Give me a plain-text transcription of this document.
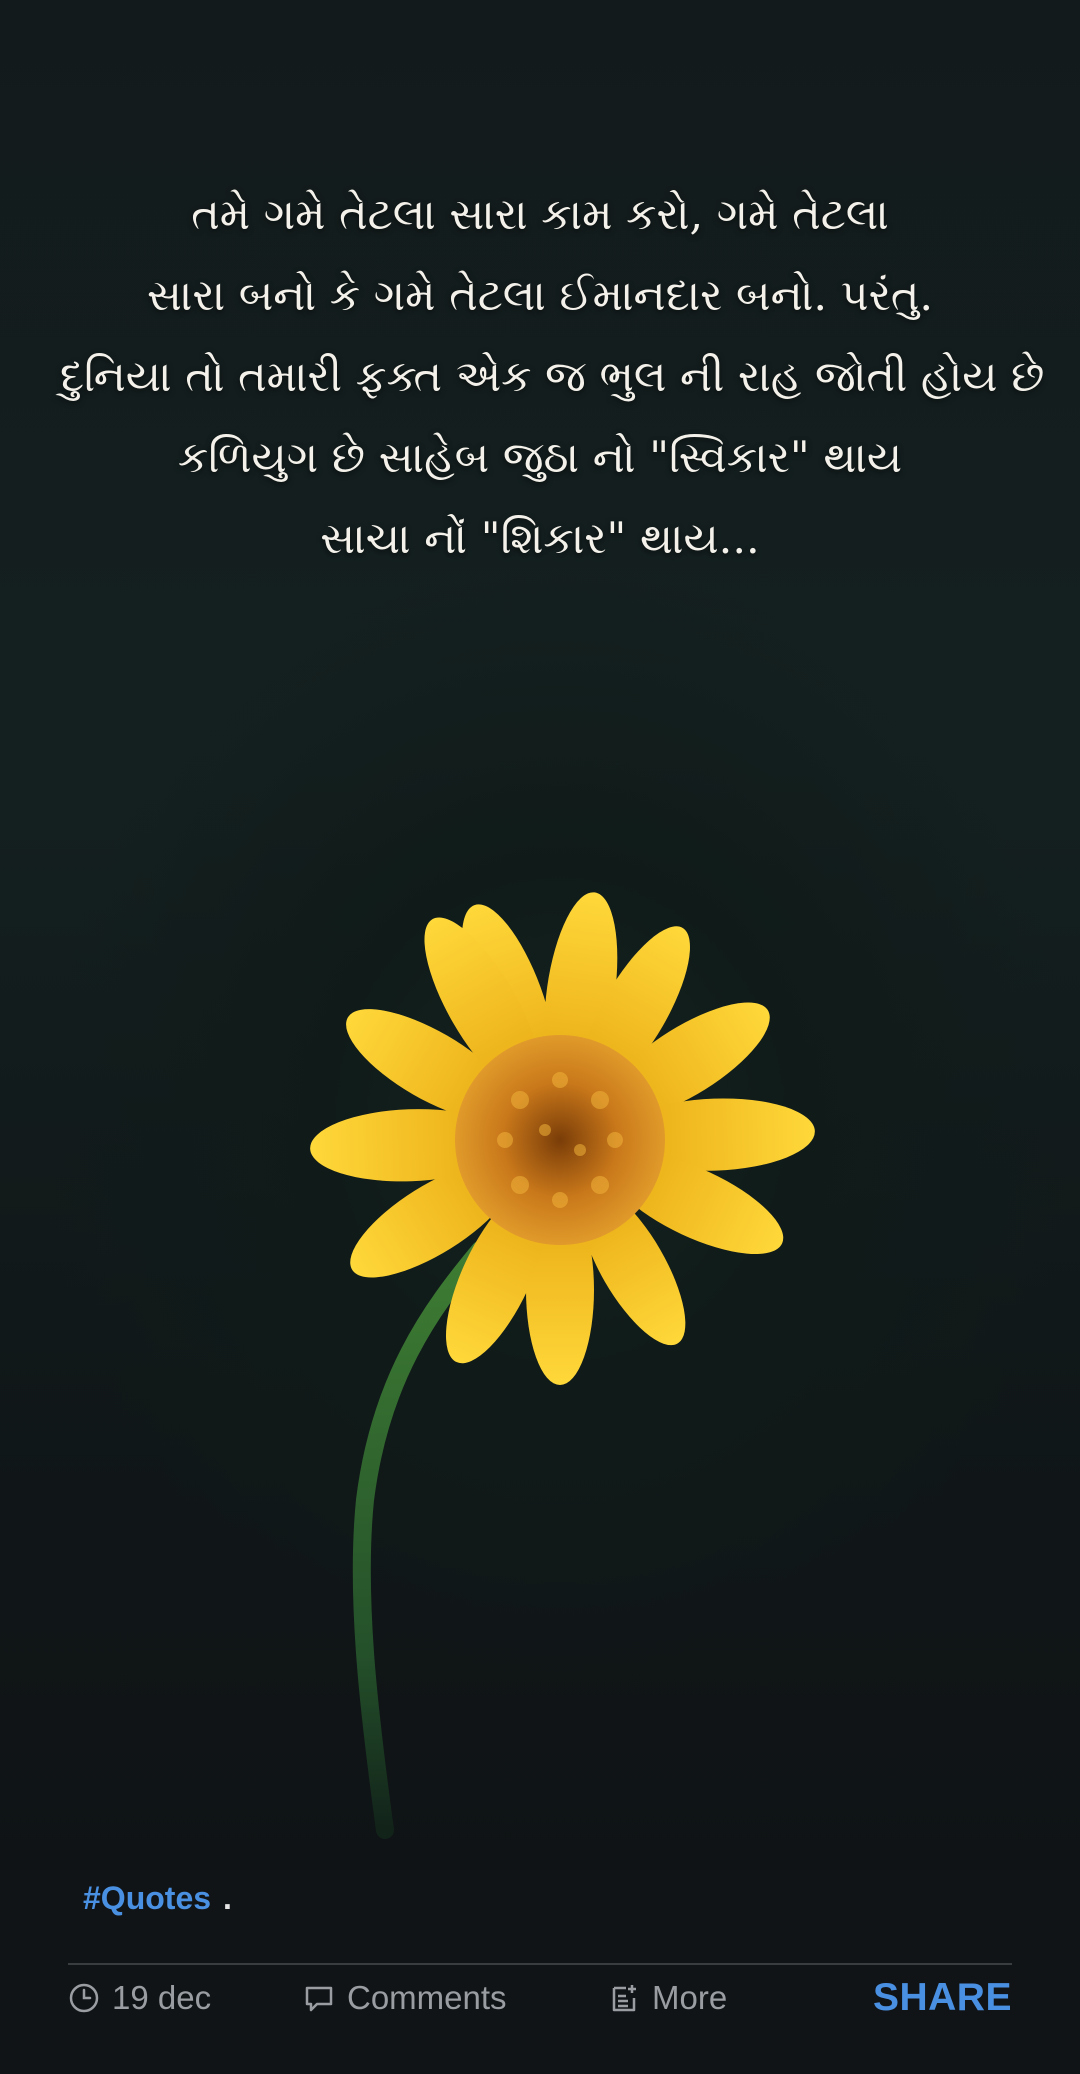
તમે ગમે તેટલા સારા કામ કરો, ગમે તેટલા
સારા બનો કે ગમે તેટલા ઈમાનદાર બનો. પરંતુ.
દુનિયા તો તમારી ફક્ત એક જ ભુલ ની રાહ જોતી હોય છે
કળિયુગ છે સાહેબ જુઠા નો "સ્વિકાર" થાય
સાચા નોં "શિકાર" થાય...
#Quotes .
19 dec	Comments	More	SHARE
